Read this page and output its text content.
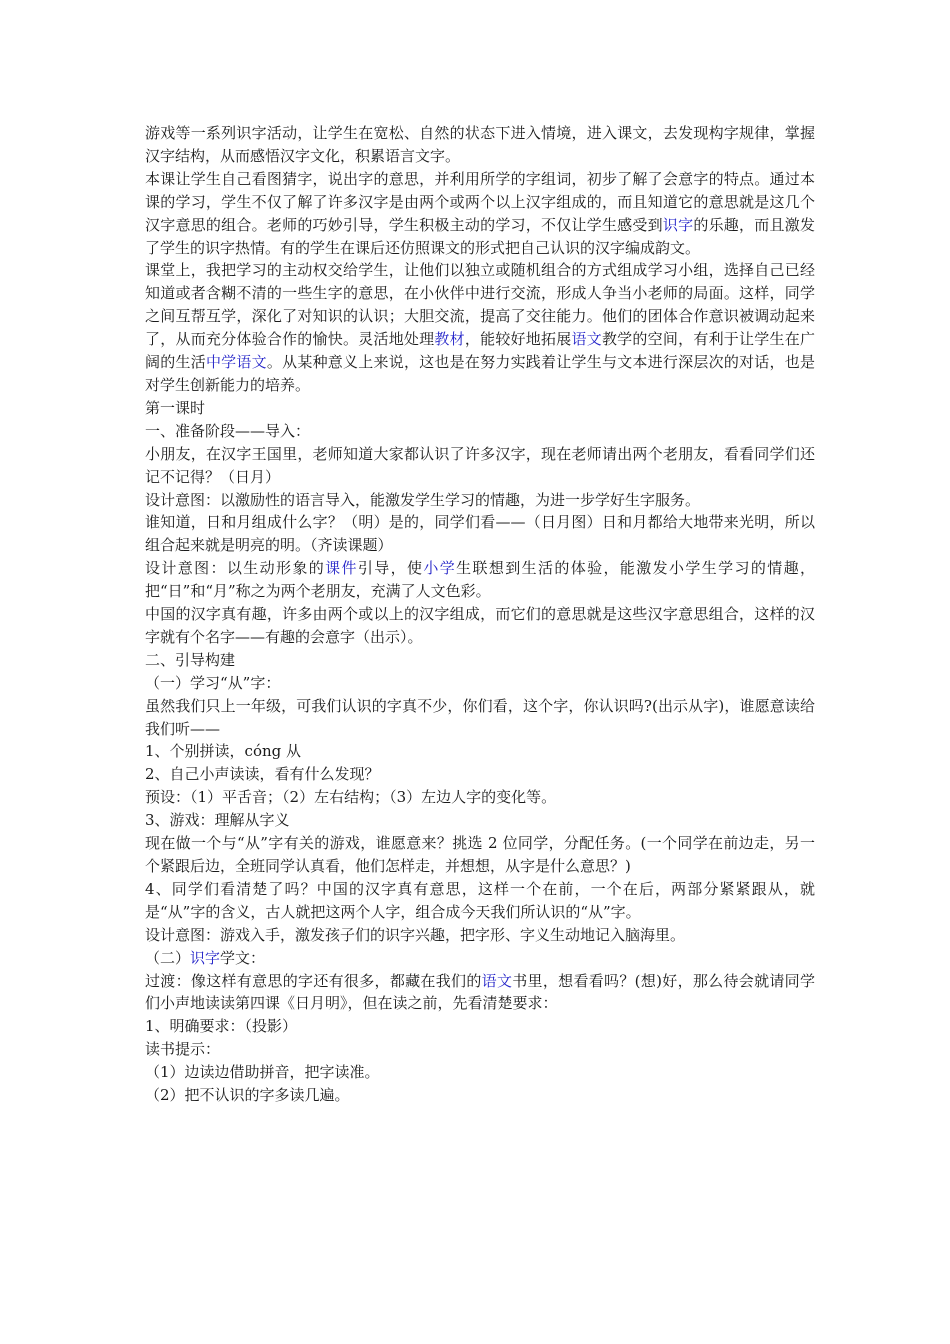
游戏等一系列识字活动，让学生在宽松、自然的状态下进入情境，进入课文，去发现构字规律，掌握汉字结构，从而感悟汉字文化，积累语言文字。

本课让学生自己看图猜字，说出字的意思，并利用所学的字组词，初步了解了会意字的特点。通过本课的学习，学生不仅了解了许多汉字是由两个或两个以上汉字组成的，而且知道它的意思就是这几个汉字意思的组合。老师的巧妙引导，学生积极主动的学习，不仅让学生感受到识字的乐趣，而且激发了学生的识字热情。有的学生在课后还仿照课文的形式把自己认识的汉字编成韵文。

课堂上，我把学习的主动权交给学生，让他们以独立或随机组合的方式组成学习小组，选择自己已经知道或者含糊不清的一些生字的意思，在小伙伴中进行交流，形成人争当小老师的局面。这样，同学之间互帮互学，深化了对知识的认识；大胆交流，提高了交往能力。他们的团体合作意识被调动起来了，从而充分体验合作的愉快。灵活地处理教材，能较好地拓展语文教学的空间，有利于让学生在广阔的生活中学语文。从某种意义上来说，这也是在努力实践着让学生与文本进行深层次的对话，也是对学生创新能力的培养。

第一课时

一、准备阶段——导入：

小朋友，在汉字王国里，老师知道大家都认识了许多汉字，现在老师请出两个老朋友，看看同学们还记不记得？（日月）

设计意图：以激励性的语言导入，能激发学生学习的情趣，为进一步学好生字服务。

谁知道，日和月组成什么字？（明）是的，同学们看——（日月图）日和月都给大地带来光明，所以组合起来就是明亮的明。（齐读课题）

设计意图：以生动形象的课件引导，使小学生联想到生活的体验，能激发小学生学习的情趣，把“日”和“月”称之为两个老朋友，充满了人文色彩。

中国的汉字真有趣，许多由两个或以上的汉字组成，而它们的意思就是这些汉字意思组合，这样的汉字就有个名字——有趣的会意字（出示）。

二、引导构建

（一）学习“从”字：

虽然我们只上一年级，可我们认识的字真不少，你们看，这个字，你认识吗?(出示从字)，谁愿意读给我们听——

1、个别拼读，cóng 从

2、自己小声读读，看有什么发现？

预设：（1）平舌音；（2）左右结构；（3）左边人字的变化等。

3、游戏：理解从字义

现在做一个与“从”字有关的游戏，谁愿意来？挑选 2 位同学，分配任务。(一个同学在前边走，另一个紧跟后边，全班同学认真看，他们怎样走，并想想，从字是什么意思？)

4、同学们看清楚了吗？中国的汉字真有意思，这样一个在前，一个在后，两部分紧紧跟从，就是“从”字的含义，古人就把这两个人字，组合成今天我们所认识的“从”字。

设计意图：游戏入手，激发孩子们的识字兴趣，把字形、字义生动地记入脑海里。

（二）识字学文：

过渡：像这样有意思的字还有很多，都藏在我们的语文书里，想看看吗？(想)好，那么待会就请同学们小声地读读第四课《日月明》，但在读之前，先看清楚要求：

1、明确要求：（投影）

读书提示：

（1）边读边借助拼音，把字读准。

（2）把不认识的字多读几遍。
